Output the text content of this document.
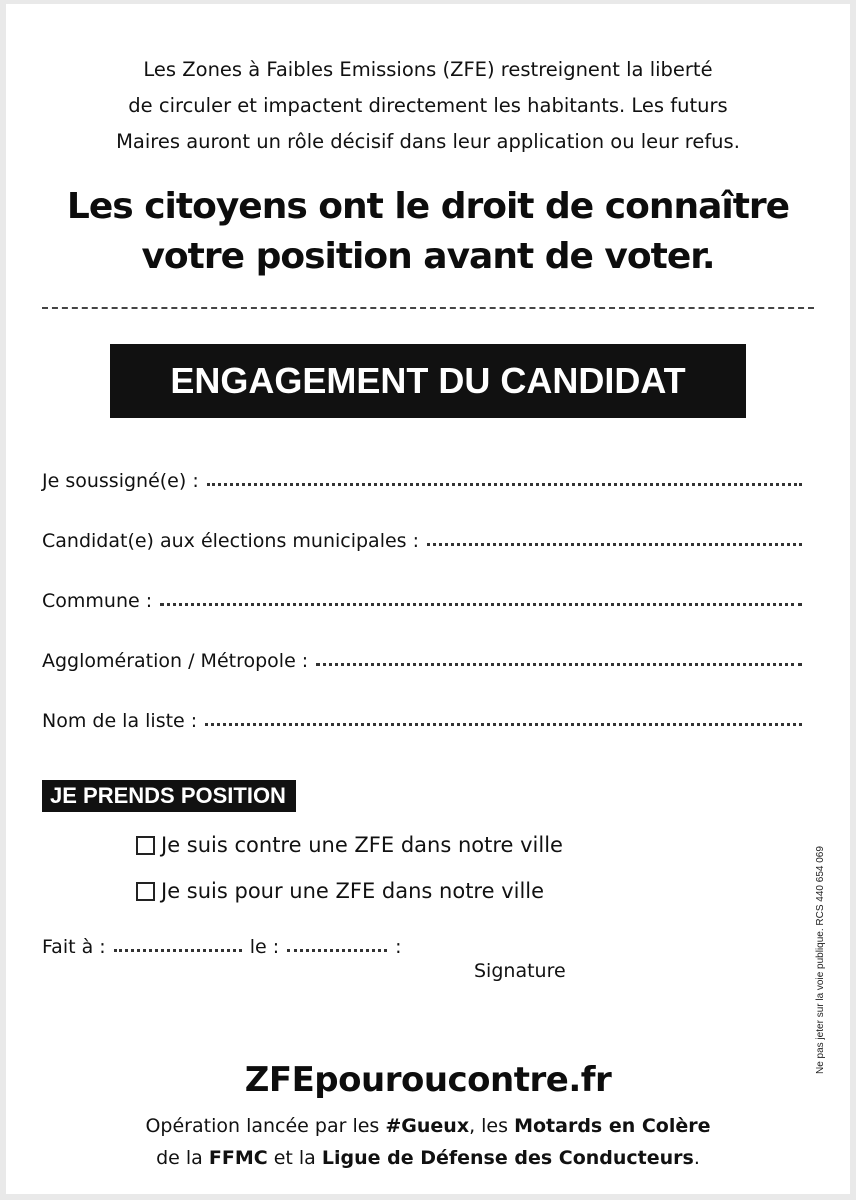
Les Zones à Faibles Emissions (ZFE) restreignent la liberté
de circuler et impactent directement les habitants. Les futurs
Maires auront un rôle décisif dans leur application ou leur refus.
Les citoyens ont le droit de connaître
votre position avant de voter.
ENGAGEMENT DU CANDIDAT
Je soussigné(e) :
Candidat(e) aux élections municipales :
Commune :
Agglomération / Métropole :
Nom de la liste :
JE PRENDS POSITION
Je suis contre une ZFE dans notre ville
Je suis pour une ZFE dans notre ville
Fait à :	le :	:
Signature	Ne pas jeter sur la voie publique. RCS 440 654 069
ZFEpouroucontre.fr
Opération lancée par les #Gueux, les Motards en Colère
de la FFMC et la Ligue de Défense des Conducteurs.
